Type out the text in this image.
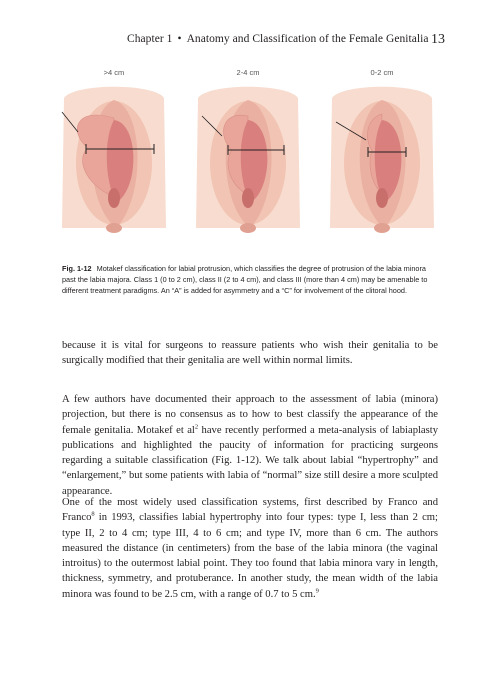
Chapter 1 • Anatomy and Classification of the Female Genitalia 13
>4 cm	2-4 cm	0-2 cm
Fig. 1-12 Motakef classification for labial protrusion, which classifies the degree of protrusion of the labia minora past the labia majora. Class 1 (0 to 2 cm), class II (2 to 4 cm), and class III (more than 4 cm) may be amenable to different treatment paradigms. An “A” is added for asymmetry and a “C” for involvement of the clitoral hood.
because it is vital for surgeons to reassure patients who wish their genitalia to be surgically modified that their genitalia are well within normal limits.
A few authors have documented their approach to the assessment of labia (minora) projection, but there is no consensus as to how to best classify the appearance of the female genitalia. Motakef et $al^2$ have recently performed a meta-analysis of labiaplasty publications and highlighted the paucity of information for practicing surgeons regarding a suitable classification (Fig. 1-12). We talk about labial “hypertrophy” and “enlargement,” but some patients with labia of “normal” size still desire a more sculpted appearance.
One of the most widely used classification systems, first described by Franco and Franco$^8$ in 1993, classifies labial hypertrophy into four types: type I, less than 2 cm; type II, 2 to 4 cm; type III, 4 to 6 cm; and type IV, more than 6 cm. The authors measured the distance (in centimeters) from the base of the labia minora (the vaginal introitus) to the outermost labial point. They too found that labia minora vary in length, thickness, symmetry, and protuberance. In another study, the mean width of the labia minora was found to be 2.5 cm, with a range of 0.7 to 5 cm.$^9$
